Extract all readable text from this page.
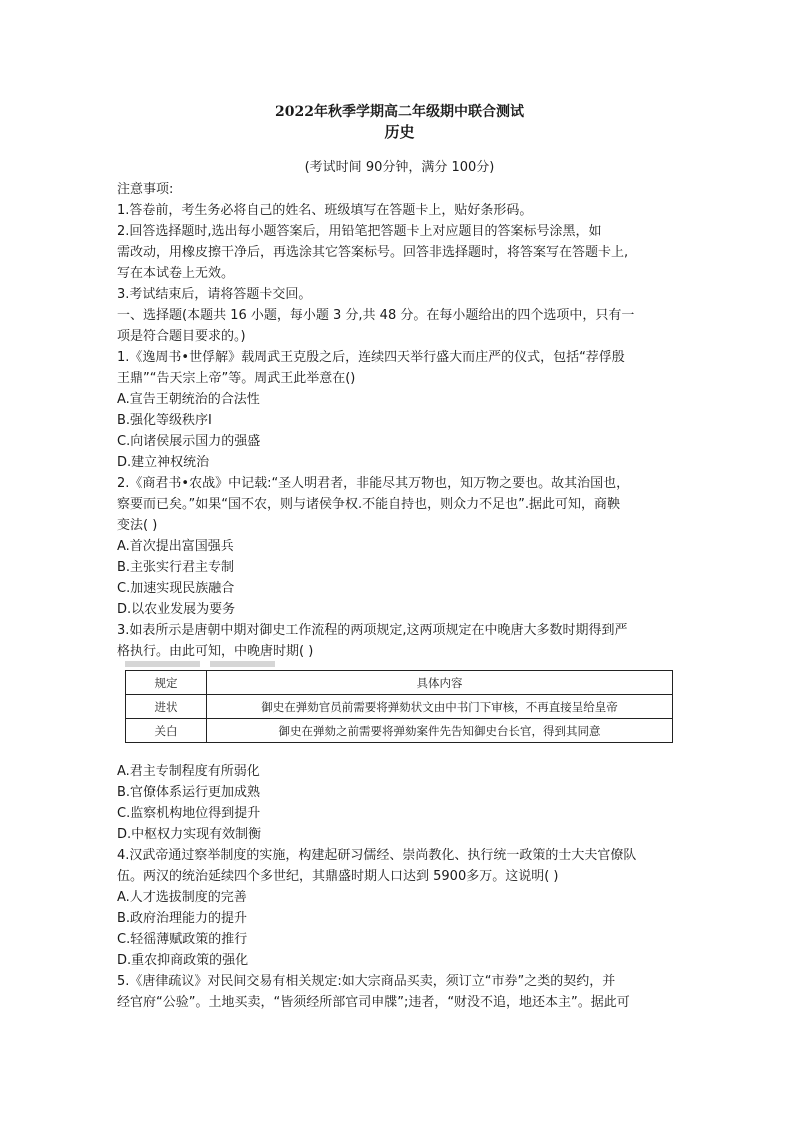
2022年秋季学期高二年级期中联合测试
历史
(考试时间 90分钟，满分 100分)
注意事项:
1.答卷前，考生务必将自己的姓名、班级填写在答题卡上，贴好条形码。
2.回答选择题时,选出每小题答案后，用铅笔把答题卡上对应题目的答案标号涂黑，如
需改动，用橡皮擦干净后，再选涂其它答案标号。回答非选择题时，将答案写在答题卡上,
写在本试卷上无效。
3.考试结束后，请将答题卡交回。
一、选择题(本题共 16 小题，每小题 3 分,共 48 分。在每小题给出的四个选项中，只有一
项是符合题目要求的。)
1.《逸周书•世俘解》载周武王克殷之后，连续四天举行盛大而庄严的仪式，包括“荐俘殷
王鼎”“告天宗上帝”等。周武王此举意在()
A.宣告王朝统治的合法性
B.强化等级秩序I
C.向诸侯展示国力的强盛
D.建立神权统治
2.《商君书•农战》中记载:“圣人明君者，非能尽其万物也，知万物之要也。故其治国也，
察要而已矣。”如果“国不农，则与诸侯争权.不能自持也，则众力不足也”.据此可知，商鞅
变法( )
A.首次提出富国强兵
B.主张实行君主专制
C.加速实现民族融合
D.以农业发展为要务
3.如表所示是唐朝中期对御史工作流程的两项规定,这两项规定在中晚唐大多数时期得到严
格执行。由此可知，中晚唐时期( )
规定	具体内容
进状	御史在弹劾官员前需要将弹劾状文由中书门下审核，不再直接呈给皇帝
关白	御史在弹劾之前需要将弹劾案件先告知御史台长官，得到其同意
A.君主专制程度有所弱化
B.官僚体系运行更加成熟
C.监察机构地位得到提升
D.中枢权力实现有效制衡
4.汉武帝通过察举制度的实施，构建起研习儒经、崇尚教化、执行统一政策的士大夫官僚队
伍。两汉的统治延续四个多世纪，其鼎盛时期人口达到 5900多万。这说明( )
A.人才选拔制度的完善
B.政府治理能力的提升
C.轻徭薄赋政策的推行
D.重农抑商政策的强化
5.《唐律疏议》对民间交易有相关规定:如大宗商品买卖，须订立“市券”之类的契约，并
经官府“公验”。土地买卖，“皆须经所部官司申牒”;违者，“财没不追，地还本主”。据此可
